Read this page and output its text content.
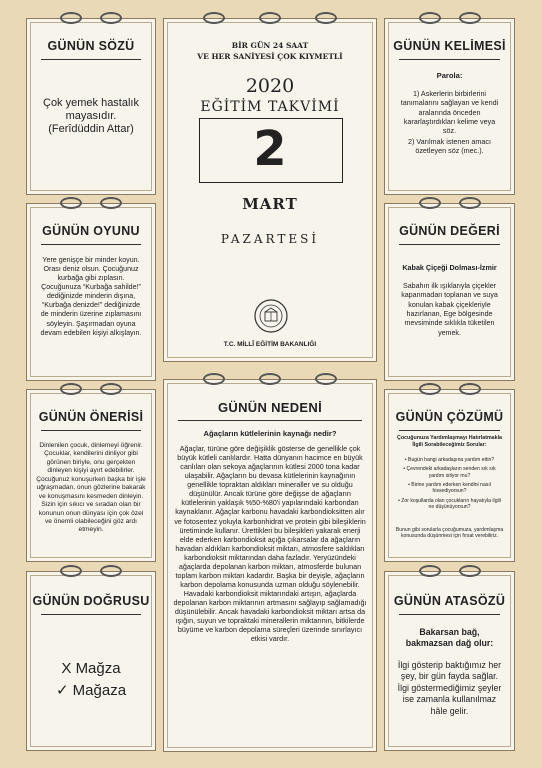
GÜNÜN SÖZÜ
Çok yemek hastalık mayasıdır.
(Ferîdüddin Attar)
GÜNÜN OYUNU
Yere genişçe bir minder koyun. Orası deniz olsun. Çocuğunuz kurbağa gibi zıplasın. Çocuğunuza “Kurbağa sahilde!” dediğinizde minderin dışına, “Kurbağa denizde!” dediğinizde de minderin üzerine zıplamasını söyleyin. Şaşırmadan oyuna devam edebilen kişiyi alkışlayın.
GÜNÜN ÖNERİSİ
Dinlenilen çocuk, dinlemeyi öğrenir. Çocuklar, kendilerini dinliyor gibi görünen biriyle, onu gerçekten dinleyen kişiyi ayırt edebilirler. Çocuğunuz konuşurken başka bir işle uğraşmadan, onun gözlerine bakarak ve konuşmasını kesmeden dinleyin. Sizin için sıkıcı ve sıradan olan bir konunun onun dünyası için çok özel ve önemli olabileceğini göz ardı etmeyin.
GÜNÜN DOĞRUSU
Χ Mağza
✓ Mağaza
BİR GÜN 24 SAAT
VE HER SANİYESİ ÇOK KIYMETLİ
2020
EĞİTİM TAKVİMİ
2
MART
PAZARTESİ
T.C. MİLLÎ EĞİTİM BAKANLIĞI
GÜNÜN NEDENİ
Ağaçların kütlelerinin kaynağı nedir?
Ağaçlar, türüne göre değişiklik gösterse de genellikle çok büyük kütleli canlılardır. Hatta dünyanın hacimce en büyük canlıları olan sekoya ağaçlarının kütlesi 2000 tona kadar ulaşabilir. Ağaçların bu devasa kütlelerinin kaynağının genellikle topraktan aldıkları mineraller ve su olduğu düşünülür. Ancak türüne göre değişse de ağaçların kütlelerinin yaklaşık %50-%80'i yapılarındaki karbondan kaynaklanır. Ağaçlar karbonu havadaki karbondioksitten alır ve fotosentez yoluyla karbonhidrat ve protein gibi bileşiklerin üretiminde kullanır. Ürettikleri bu bileşikleri yakarak enerji elde ederken karbondioksit açığa çıkarsalar da ağaçların havadan aldıkları karbondioksit miktarı, atmosfere saldıkları karbondioksit miktarından daha fazladır. Yeryüzündeki ağaçlarda depolanan karbon miktarı, atmosferde bulunan toplam karbon miktarı kadardır. Başka bir deyişle, ağaçların karbon depolama konusunda uzman olduğu söylenebilir. Havadaki karbondioksit miktarındaki artışın, ağaçlarda depolanan karbon miktarının artmasını sağlayıp sağlamadığı düşünülebilir. Ancak havadaki karbondioksit miktarı artsa da ışığın, suyun ve topraktaki minerallerin miktarının, bitkilerde büyüme ve karbon depolama süreçleri üzerinde sınırlayıcı etkisi vardır.
GÜNÜN KELİMESİ
Parola:
1) Askerlerin birbirlerini tanımalarını sağlayan ve kendi aralarında önceden kararlaştırdıkları kelime veya söz.
2) Varılmak istenen amacı özetleyen söz (mec.).
GÜNÜN DEĞERİ
Kabak Çiçeği Dolması-İzmir
Sabahın ilk ışıklarıyla çiçekler kapanmadan toplanan ve suya konulan kabak çiçekleriyle hazırlanan, Ege bölgesinde mevsiminde sıklıkla tüketilen yemek.
GÜNÜN ÇÖZÜMÜ
Çocuğunuza Yardımlaşmayı Hatırlatmakla İlgili Sorabileceğimiz Sorular:
• Bugün hangi arkadaşına yardım ettin?
• Çevrendeki arkadaşların senden sık sık yardım istiyor mu?
• Birine yardım ederken kendini nasıl hissediyorsun?
• Zor koşullarda olan çocukların hayatıyla ilgili ne düşünüyorsun?
Bunun gibi sorularla çocuğumuza, yardımlaşma konusunda düşünmesi için fırsat verebiliriz.
GÜNÜN ATASÖZÜ
Bakarsan bağ, bakmazsan dağ olur:
İlgi gösterip baktığımız her şey, bir gün fayda sağlar. İlgi göstermediğimiz şeyler ise zamanla kullanılmaz hâle gelir.
